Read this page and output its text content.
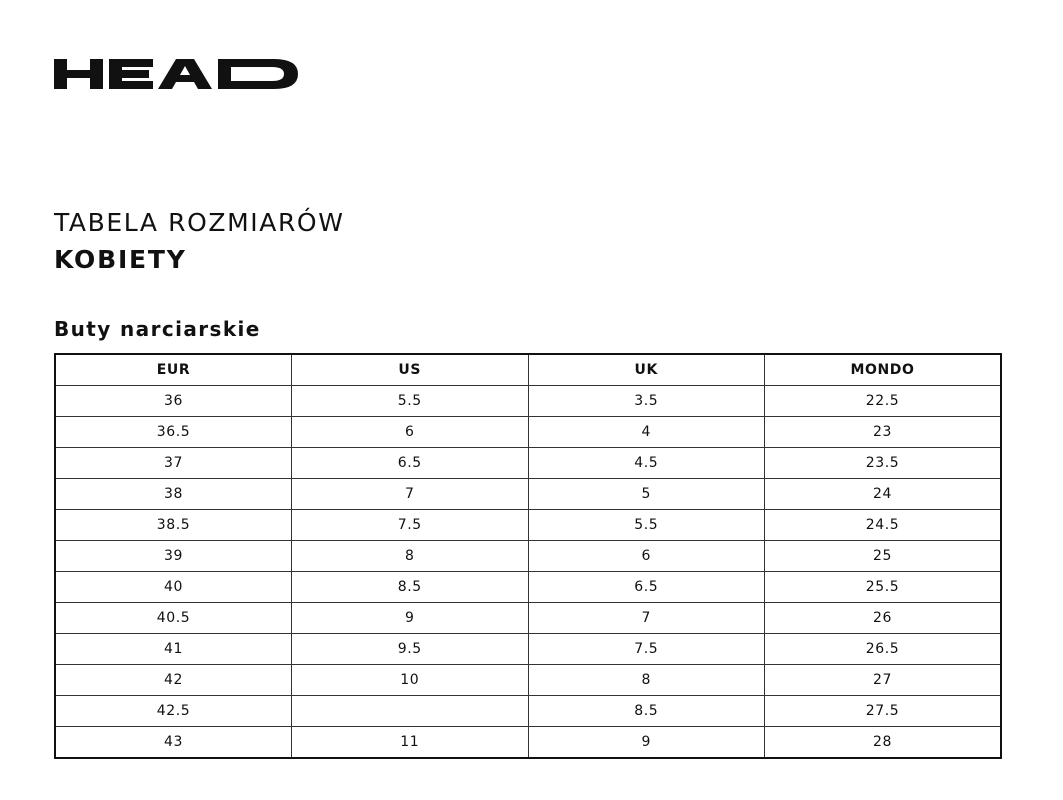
TABELA ROZMIARÓW
KOBIETY
Buty narciarskie
EUR	US	UK	MONDO
36	5.5	3.5	22.5
36.5	6	4	23
37	6.5	4.5	23.5
38	7	5	24
38.5	7.5	5.5	24.5
39	8	6	25
40	8.5	6.5	25.5
40.5	9	7	26
41	9.5	7.5	26.5
42	10	8	27
42.5		8.5	27.5
43	11	9	28
